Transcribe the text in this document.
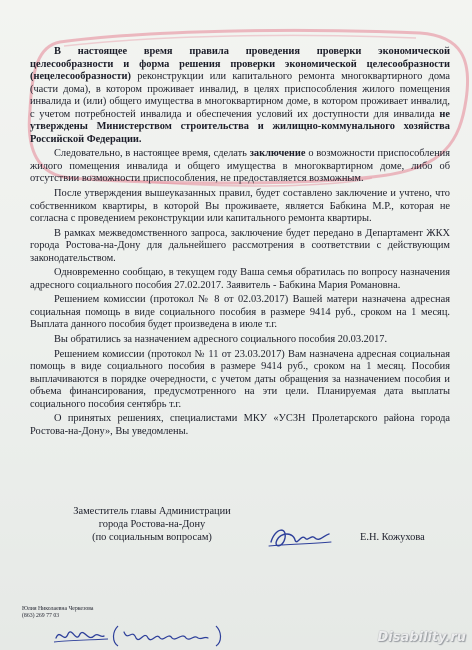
В настоящее время правила проведения проверки экономической целесообразности и форма решения проверки экономической целесообразности (нецелесообразности) реконструкции или капитального ремонта многоквартирного дома (части дома), в котором проживает инвалид, в целях приспособления жилого помещения инвалида и (или) общего имущества в многоквартирном доме, в котором проживает инвалид, с учетом потребностей инвалида и обеспечения условий их доступности для инвалида не утверждены Министерством строительства и жилищно-коммунального хозяйства Российской Федерации.

Следовательно, в настоящее время, сделать заключение о возможности приспособления жилого помещения инвалида и общего имущества в многоквартирном доме, либо об отсутствии возможности приспособления, не предоставляется возможным.

После утверждения вышеуказанных правил, будет составлено заключение и учтено, что собственником квартиры, в которой Вы проживаете, является Бабкина М.Р., которая не согласна с проведением реконструкции или капитального ремонта квартиры.

В рамках межведомственного запроса, заключение будет передано в Департамент ЖКХ города Ростова-на-Дону для дальнейшего рассмотрения в соответствии с действующим законодательством.

Одновременно сообщаю, в текущем году Ваша семья обратилась по вопросу назначения адресного социального пособия 27.02.2017. Заявитель - Бабкина Мария Романовна.

Решением комиссии (протокол № 8 от 02.03.2017) Вашей матери назначена адресная социальная помощь в виде социального пособия в размере 9414 руб., сроком на 1 месяц. Выплата данного пособия будет произведена в июле т.г.

Вы обратились за назначением адресного социального пособия 20.03.2017.

Решением комиссии (протокол № 11 от 23.03.2017) Вам назначена адресная социальная помощь в виде социального пособия в размере 9414 руб., сроком на 1 месяц. Пособия выплачиваются в порядке очередности, с учетом даты обращения за назначением пособия и объема финансирования, предусмотренного на эти цели. Планируемая дата выплаты социального пособия сентябрь т.г.

О принятых решениях, специалистами МКУ «УСЗН Пролетарского района города Ростова-на-Дону», Вы уведомлены.

Заместитель главы Администрации
города Ростова-на-Дону
(по социальным вопросам)	Е.Н. Кожухова
Юлия Николаевна Черкезова
(863) 269 77 03
Disability.ru
